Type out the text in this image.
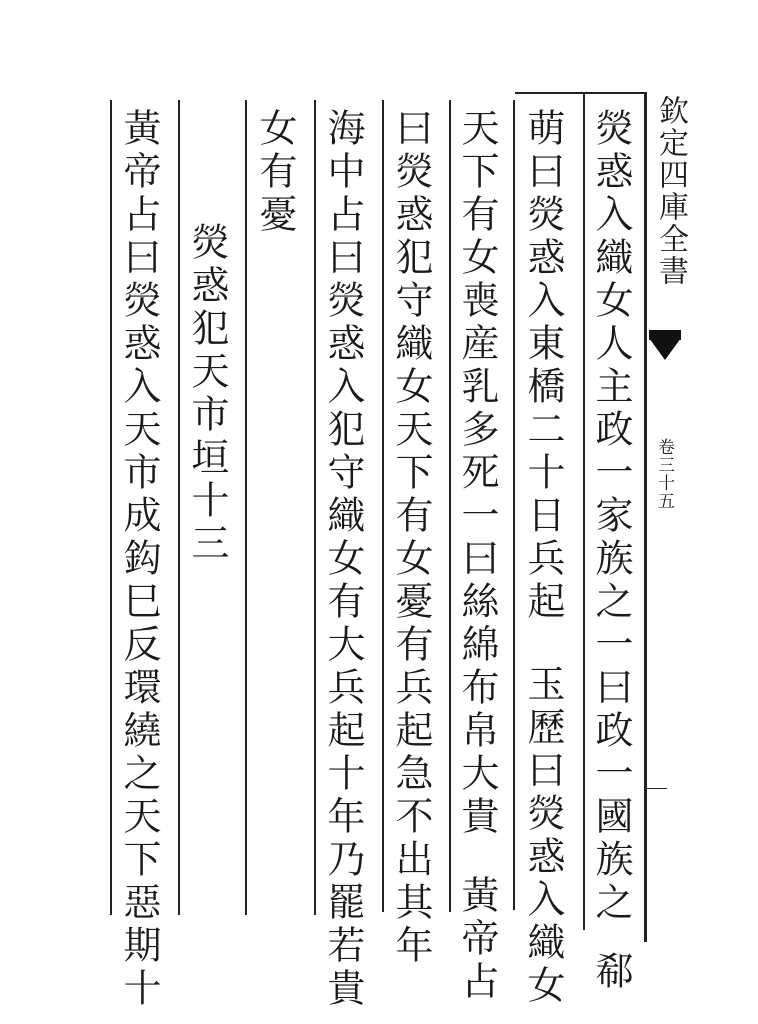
欽定四庫全書
卷三十五
熒惑入織女人主政一家族之一曰政一國族之郗
萌曰熒惑入東橋二十日兵起玉歷曰熒惑入織女
天下有女喪産乳多死一曰絲綿布帛大貴黃帝占
曰熒惑犯守織女天下有女憂有兵起急不出其年
海中占曰熒惑入犯守織女有大兵起十年乃罷若貴
女有憂
熒惑犯天市垣十三
黃帝占曰熒惑入天市成鈎巳反環繞之天下惡期十
